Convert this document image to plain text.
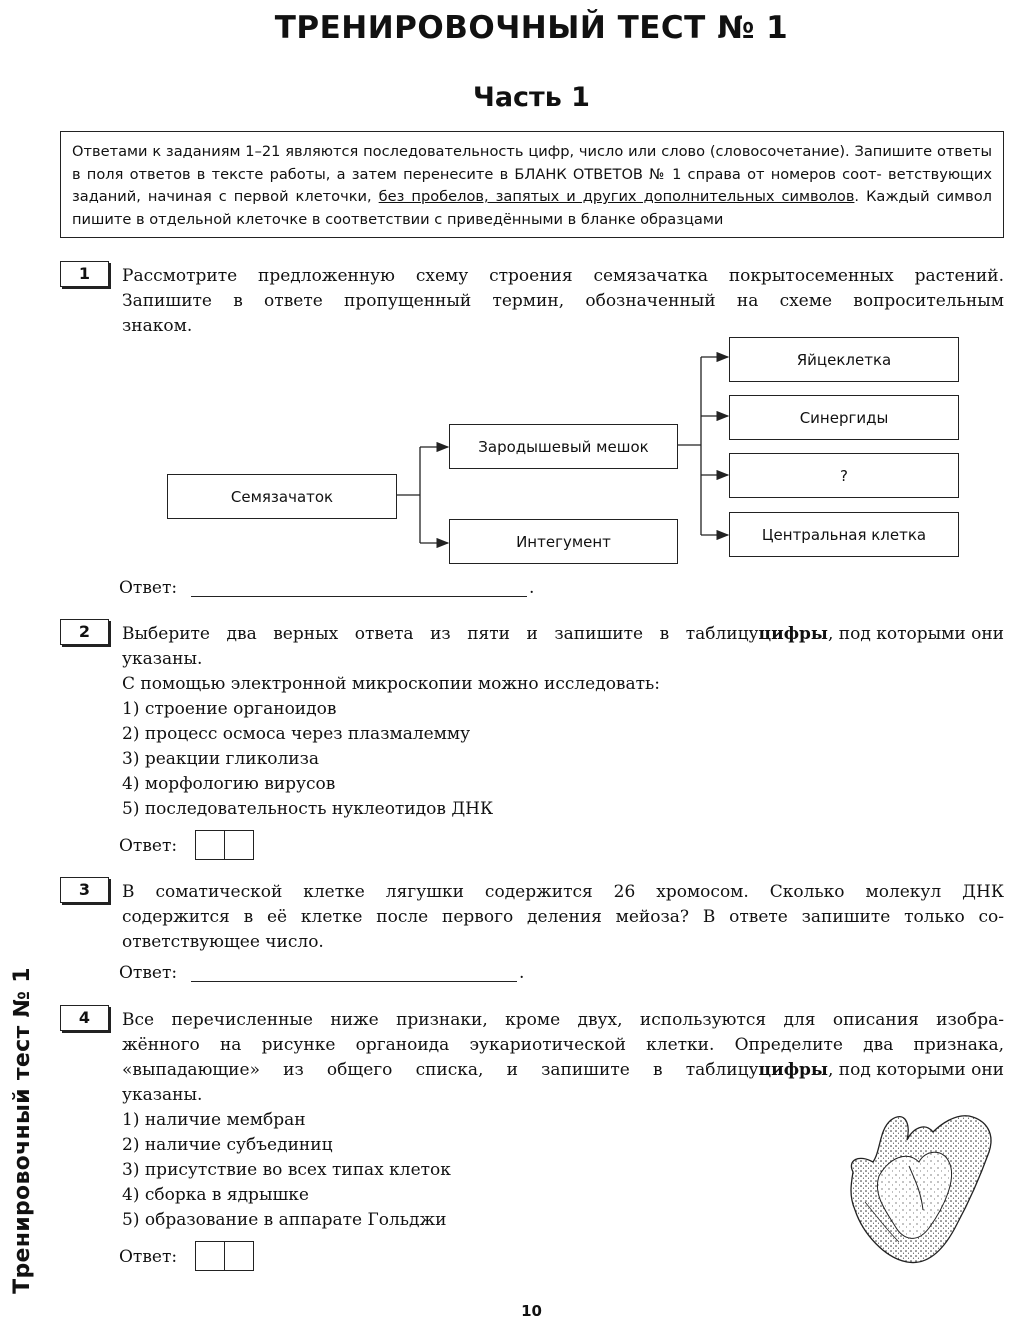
ТРЕНИРОВОЧНЫЙ ТЕСТ № 1
Часть 1
Ответами к заданиям 1–21 являются последовательность цифр, число или слово (словосочетание). Запишите ответы в поля ответов в тексте работы, а затем перенесите в БЛАНК ОТВЕТОВ № 1 справа от номеров соот- ветствующих заданий, начиная с первой клеточки, без пробелов, запятых и других дополнительных символов. Каждый символ пишите в отдельной клеточке в соответствии с приведёнными в бланке образцами
1	Рассмотрите предложенную схему строения семязачатка покрытосеменных растений.
Запишите в ответе пропущенный термин, обозначенный на схеме вопросительным
знаком.
Семязачаток
Зародышевый мешок
Интегумент
Яйцеклетка
Синергиды
?
Центральная клетка
Ответ:	.
2	Выберите два верных ответа из пяти и запишите в таблицу цифры , под которыми они
указаны.
С помощью электронной микроскопии можно исследовать:
1) строение органоидов
2) процесс осмоса через плазмалемму
3) реакции гликолиза
4) морфологию вирусов
5) последовательность нуклеотидов ДНК
Ответ:
3	В соматической клетке лягушки содержится 26 хромосом. Сколько молекул ДНК
содержится в её клетке после первого деления мейоза? В ответе запишите только со-
ответствующее число.
Ответ:	.
4	Все перечисленные ниже признаки, кроме двух, используются для описания изобра-
жённого на рисунке органоида эукариотической клетки. Определите два признака,
«выпадающие» из общего списка, и запишите в таблицу цифры , под которыми они
указаны.
1) наличие мембран
2) наличие субъединиц
3) присутствие во всех типах клеток
4) сборка в ядрышке
5) образование в аппарате Гольджи
Ответ:
Тренировочный тест № 1
10
